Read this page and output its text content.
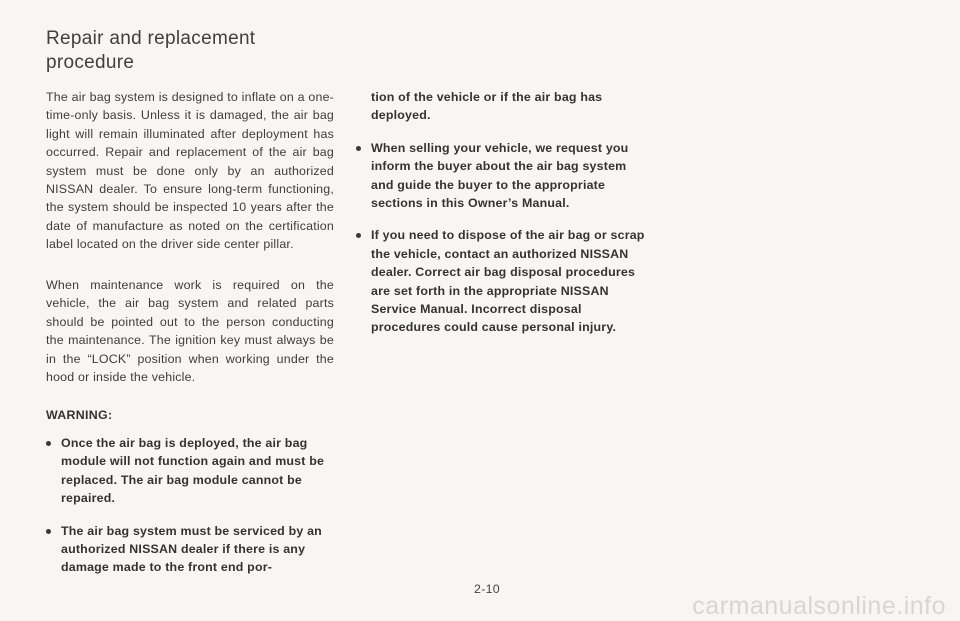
Repair and replacement
procedure

The air bag system is designed to inflate on a one-time-only basis. Unless it is damaged, the air bag light will remain illuminated after deployment has occurred. Repair and replacement of the air bag system must be done only by an authorized NISSAN dealer. To ensure long-term functioning, the system should be inspected 10 years after the date of manufacture as noted on the certification label located on the driver side center pillar.

When maintenance work is required on the vehicle, the air bag system and related parts should be pointed out to the person conducting the maintenance. The ignition key must always be in the “LOCK” position when working under the hood or inside the vehicle.

WARNING:

Once the air bag is deployed, the air bag module will not function again and must be replaced. The air bag module cannot be repaired.
The air bag system must be serviced by an authorized NISSAN dealer if there is any damage made to the front end por-
tion of the vehicle or if the air bag has deployed.
When selling your vehicle, we request you inform the buyer about the air bag system and guide the buyer to the appropriate sections in this Owner’s Manual.
If you need to dispose of the air bag or scrap the vehicle, contact an authorized NISSAN dealer. Correct air bag disposal procedures are set forth in the appropriate NISSAN Service Manual. Incorrect disposal procedures could cause personal injury.
2-10
carmanualsonline.info
